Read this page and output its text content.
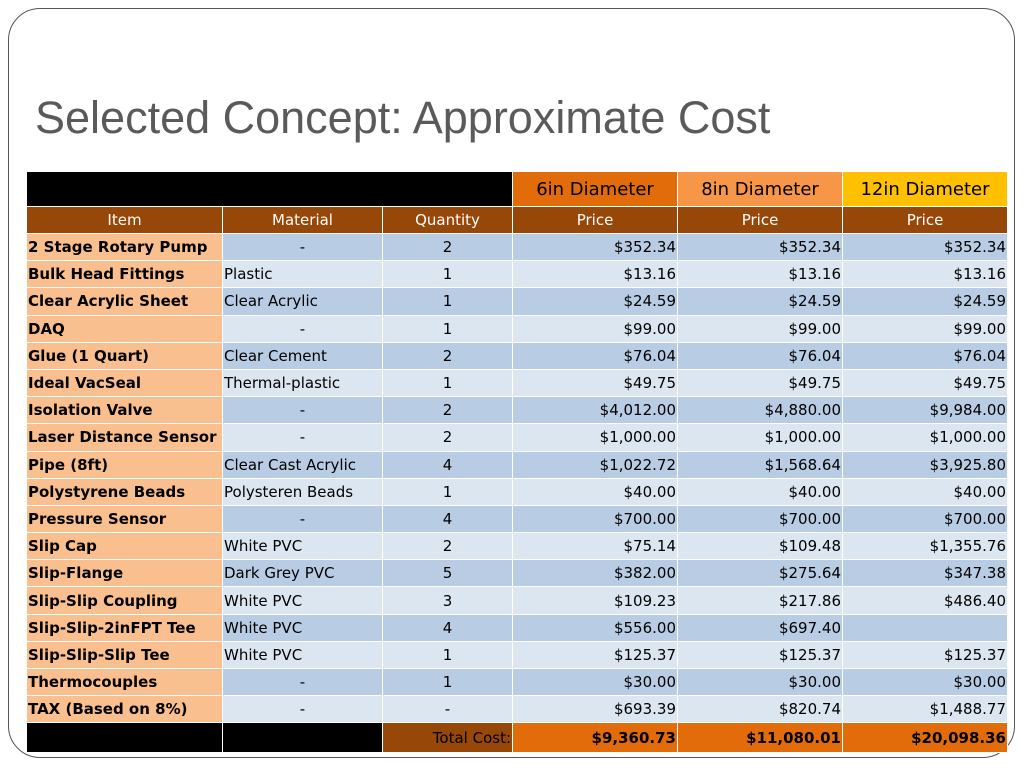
Selected Concept: Approximate Cost
30ft Drop Tower Pricing			6in Diameter	8in Diameter	12in Diameter
Item	Material	Quantity	Price	Price	Price
2 Stage Rotary Pump	-	2	$352.34	$352.34	$352.34
Bulk Head Fittings	Plastic	1	$13.16	$13.16	$13.16
Clear Acrylic Sheet	Clear Acrylic	1	$24.59	$24.59	$24.59
DAQ	-	1	$99.00	$99.00	$99.00
Glue (1 Quart)	Clear Cement	2	$76.04	$76.04	$76.04
Ideal VacSeal	Thermal-plastic	1	$49.75	$49.75	$49.75
Isolation Valve	-	2	$4,012.00	$4,880.00	$9,984.00
Laser Distance Sensor	-	2	$1,000.00	$1,000.00	$1,000.00
Pipe (8ft)	Clear Cast Acrylic	4	$1,022.72	$1,568.64	$3,925.80
Polystyrene Beads	Polysteren Beads	1	$40.00	$40.00	$40.00
Pressure Sensor	-	4	$700.00	$700.00	$700.00
Slip Cap	White PVC	2	$75.14	$109.48	$1,355.76
Slip-Flange	Dark Grey PVC	5	$382.00	$275.64	$347.38
Slip-Slip Coupling	White PVC	3	$109.23	$217.86	$486.40
Slip-Slip-2inFPT Tee	White PVC	4	$556.00	$697.40	
Slip-Slip-Slip Tee	White PVC	1	$125.37	$125.37	$125.37
Thermocouples	-	1	$30.00	$30.00	$30.00
TAX (Based on 8%)	-	-	$693.39	$820.74	$1,488.77
		Total Cost:	$9,360.73	$11,080.01	$20,098.36
